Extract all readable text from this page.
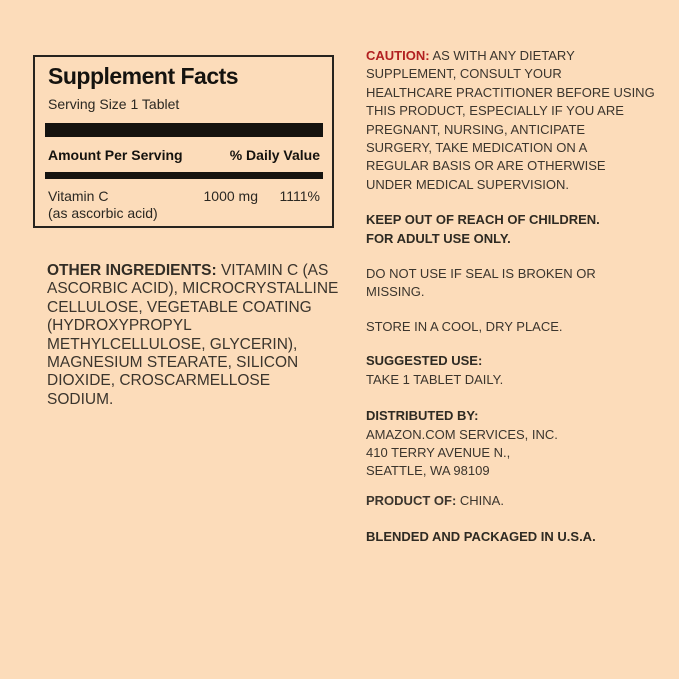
Supplement Facts
Serving Size 1 Tablet
Amount Per Serving	% Daily Value
Vitamin C
(as ascorbic acid)
1000 mg	1111%

OTHER INGREDIENTS: VITAMIN C (AS
ASCORBIC ACID), MICROCRYSTALLINE
CELLULOSE, VEGETABLE COATING
(HYDROXYPROPYL
METHYLCELLULOSE, GLYCERIN),
MAGNESIUM STEARATE, SILICON
DIOXIDE, CROSCARMELLOSE
SODIUM.

CAUTION: AS WITH ANY DIETARY
SUPPLEMENT, CONSULT YOUR
HEALTHCARE PRACTITIONER BEFORE USING
THIS PRODUCT, ESPECIALLY IF YOU ARE
PREGNANT, NURSING, ANTICIPATE
SURGERY, TAKE MEDICATION ON A
REGULAR BASIS OR ARE OTHERWISE
UNDER MEDICAL SUPERVISION.

KEEP OUT OF REACH OF CHILDREN.
FOR ADULT USE ONLY.

DO NOT USE IF SEAL IS BROKEN OR
MISSING.

STORE IN A COOL, DRY PLACE.

SUGGESTED USE:
TAKE 1 TABLET DAILY.

DISTRIBUTED BY:
AMAZON.COM SERVICES, INC.
410 TERRY AVENUE N.,
SEATTLE, WA 98109

PRODUCT OF: CHINA.

BLENDED AND PACKAGED IN U.S.A.
